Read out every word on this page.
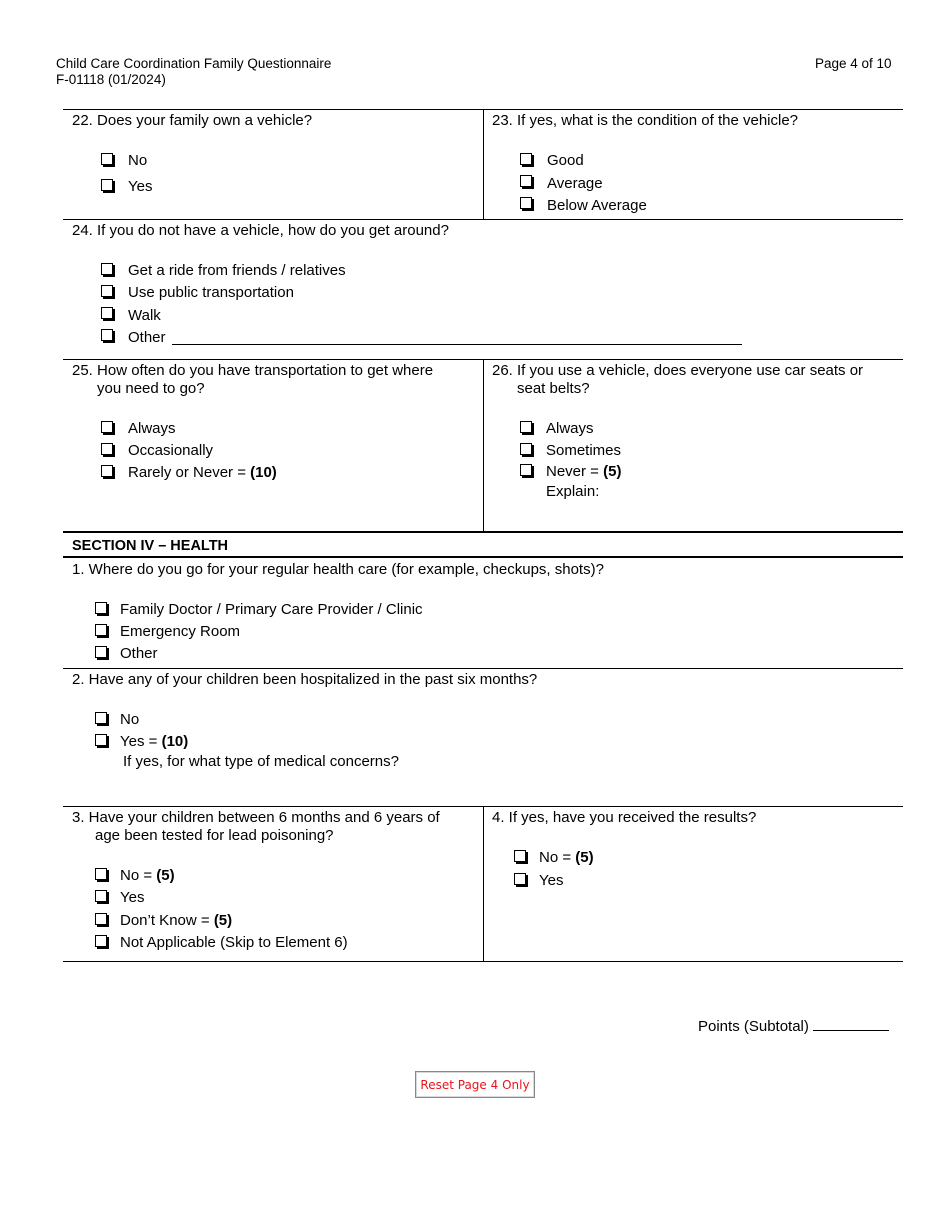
Child Care Coordination Family Questionnaire
F-01118 (01/2024)
Page 4 of 10
22. Does your family own a vehicle?
No
Yes
23. If yes, what is the condition of the vehicle?
Good
Average
Below Average
24. If you do not have a vehicle, how do you get around?
Get a ride from friends / relatives
Use public transportation
Walk
Other
25. How often do you have transportation to get where
you need to go?
Always
Occasionally
Rarely or Never = (10)
26. If you use a vehicle, does everyone use car seats or
seat belts?
Always
Sometimes
Never = (5)
Explain:
SECTION IV – HEALTH
1. Where do you go for your regular health care (for example, checkups, shots)?
Family Doctor / Primary Care Provider / Clinic
Emergency Room
Other
2. Have any of your children been hospitalized in the past six months?
No
Yes = (10)
If yes, for what type of medical concerns?
3. Have your children between 6 months and 6 years of
age been tested for lead poisoning?
No = (5)
Yes
Don’t Know = (5)
Not Applicable (Skip to Element 6)
4. If yes, have you received the results?
No = (5)
Yes
Points (Subtotal)
Reset Page 4 Only
